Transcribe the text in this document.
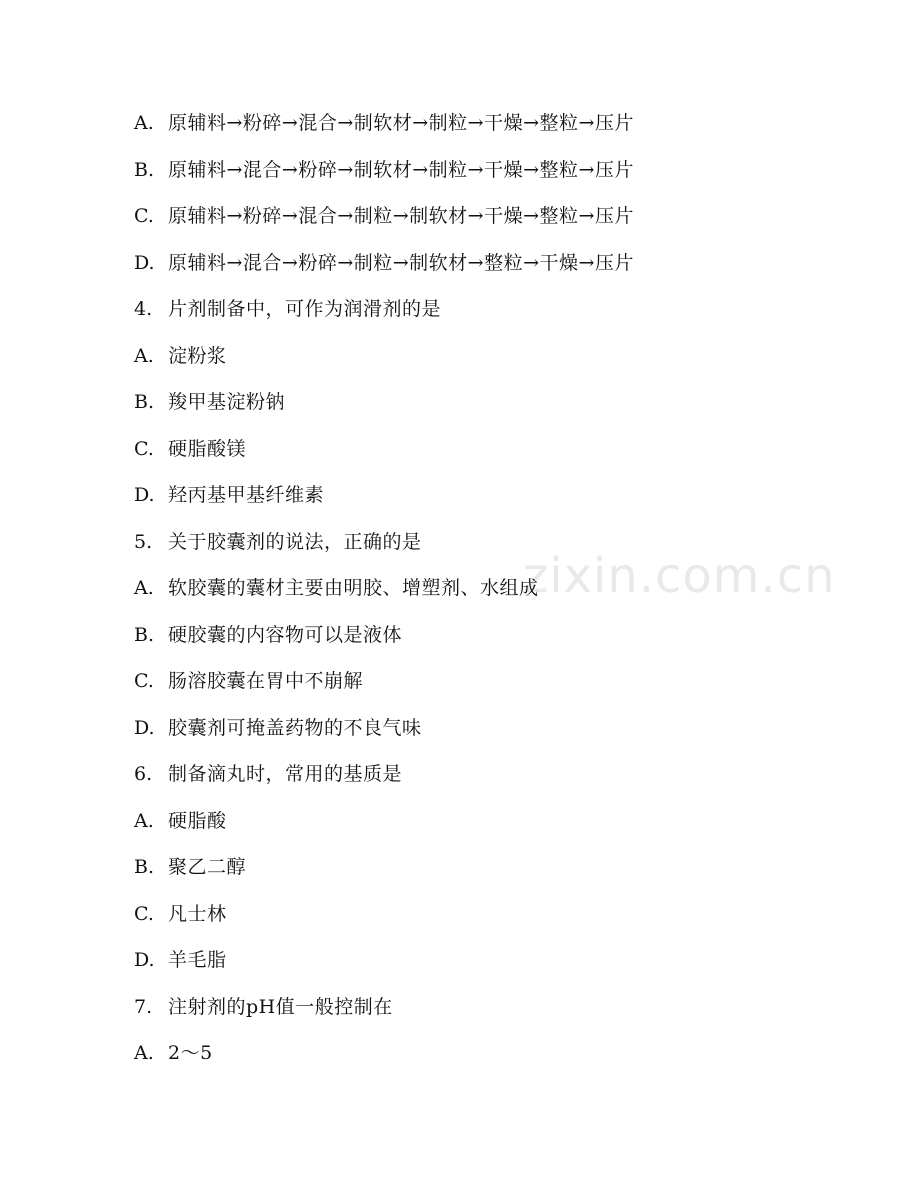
zixin.com.cn
A. 原辅料→粉碎→混合→制软材→制粒→干燥→整粒→压片
B. 原辅料→混合→粉碎→制软材→制粒→干燥→整粒→压片
C. 原辅料→粉碎→混合→制粒→制软材→干燥→整粒→压片
D. 原辅料→混合→粉碎→制粒→制软材→整粒→干燥→压片
4. 片剂制备中，可作为润滑剂的是
A. 淀粉浆
B. 羧甲基淀粉钠
C. 硬脂酸镁
D. 羟丙基甲基纤维素
5. 关于胶囊剂的说法，正确的是
A. 软胶囊的囊材主要由明胶、增塑剂、水组成
B. 硬胶囊的内容物可以是液体
C. 肠溶胶囊在胃中不崩解
D. 胶囊剂可掩盖药物的不良气味
6. 制备滴丸时，常用的基质是
A. 硬脂酸
B. 聚乙二醇
C. 凡士林
D. 羊毛脂
7. 注射剂的pH值一般控制在
A. 2～5
